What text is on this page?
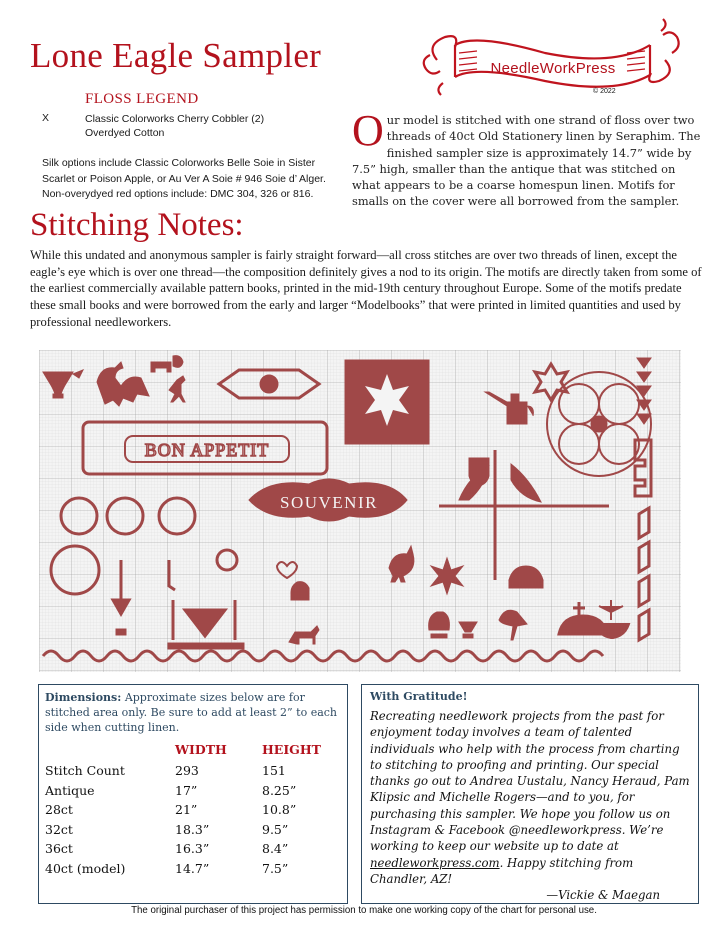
Lone Eagle Sampler	NeedleWorkPress
© 2022
FLOSS LEGEND
X	Classic Colorworks Cherry Cobbler (2)
Overdyed Cotton
Silk options include Classic Colorworks Belle Soie in Sister Scarlet or Poison Apple, or Au Ver A Soie # 946 Soie d’ Alger. Non-overydyed red options include: DMC 304, 326 or 816.
Our model is stitched with one strand of floss over two threads of 40ct Old Stationery linen by Seraphim. The finished sampler size is approximately 14.7” wide by 7.5” high, smaller than the antique that was stitched on what appears to be a coarse homespun linen. Motifs for smalls on the cover were all borrowed from the sampler.
Stitching Notes:
While this undated and anonymous sampler is fairly straight forward—all cross stitches are over two threads of linen, except the eagle’s eye which is over one thread—the composition definitely gives a nod to its origin. The motifs are directly taken from some of the earliest commercially available pattern books, printed in the mid-19th century throughout Europe. Some of the motifs predate these small books and were borrowed from the early and larger “Modelbooks” that were printed in limited quantities and used by professional needleworkers.
BON APPETIT
SOUVENIR
Dimensions: Approximate sizes below are for stitched area only. Be sure to add at least 2” to each side when cutting linen.
	WIDTH	HEIGHT
Stitch Count	293	151
Antique	17”	8.25”
28ct	21”	10.8”
32ct	18.3”	9.5”
36ct	16.3”	8.4”
40ct (model)	14.7”	7.5”
With Gratitude!
Recreating needlework projects from the past for enjoyment today involves a team of talented individuals who help with the process from charting to stitching to proofing and printing. Our special thanks go out to Andrea Uustalu, Nancy Heraud, Pam Klipsic and Michelle Rogers—and to you, for purchasing this sampler. We hope you follow us on Instagram & Facebook @needleworkpress. We’re working to keep our website up to date at needleworkpress.com. Happy stitching from Chandler, AZ!
—Vickie & Maegan
The original purchaser of this project has permission to make one working copy of the chart for personal use.
